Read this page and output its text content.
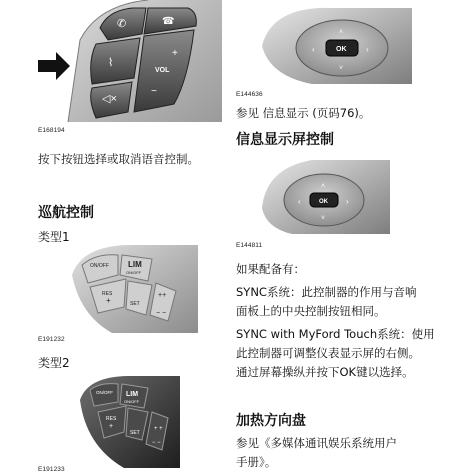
✆	☎
⌇
◁×
+
VOL
−
E168194
按下按钮选择或取消语音控制。
巡航控制
类型1
ON/OFF LIM
ON/OFF
RES
+	SET
++
− −
E191232
类型2
ON/OFF LIM
ON/OFF
RES
+
SET
+ +
− −
E191233
OK
‹	›
˄
˅
E144636
参见 信息显示 (页码76)。
信息显示屏控制
OK
‹	›
˄
˅
E144811
如果配备有：
SYNC系统：此控制器的作用与音响
面板上的中央控制按钮相同。
SYNC with MyFord Touch系统：使用
此控制器可调整仪表显示屏的右侧。
通过屏幕操纵并按下OK键以选择。
加热方向盘
参见《多媒体通讯娱乐系统用户
手册》。
